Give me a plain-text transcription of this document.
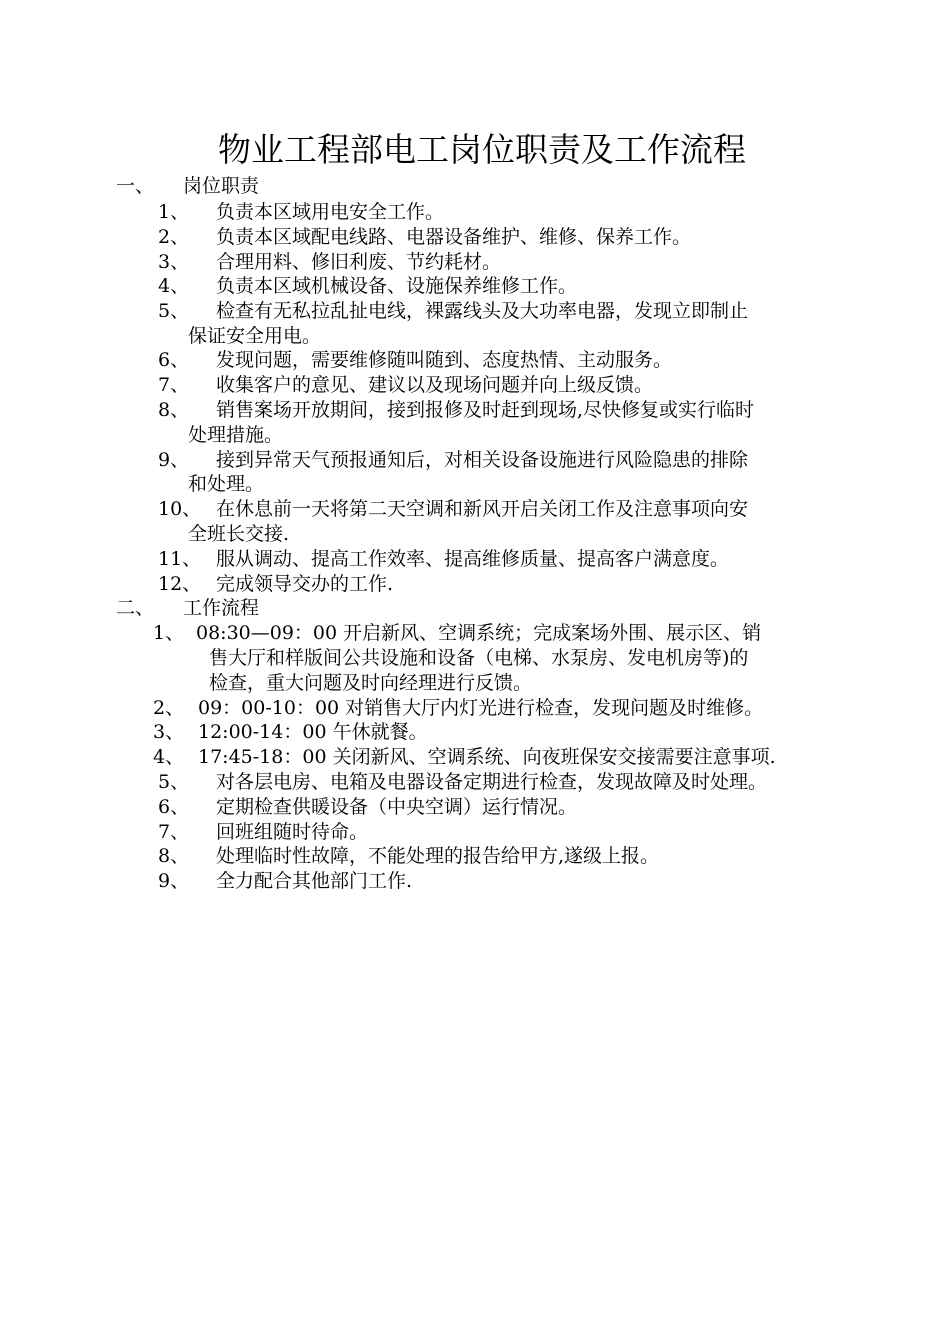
物业工程部电工岗位职责及工作流程
一、 岗位职责
1、 负责本区域用电安全工作。
2、 负责本区域配电线路、电器设备维护、维修、保养工作。
3、 合理用料、修旧利废、节约耗材。
4、 负责本区域机械设备、设施保养维修工作。
5、 检查有无私拉乱扯电线，裸露线头及大功率电器，发现立即制止
保证安全用电。
6、 发现问题，需要维修随叫随到、态度热情、主动服务。
7、 收集客户的意见、建议以及现场问题并向上级反馈。
8、 销售案场开放期间，接到报修及时赶到现场,尽快修复或实行临时
处理措施。
9、 接到异常天气预报通知后，对相关设备设施进行风险隐患的排除
和处理。
10、 在休息前一天将第二天空调和新风开启关闭工作及注意事项向安
全班长交接.
11、 服从调动、提高工作效率、提高维修质量、提高客户满意度。
12、 完成领导交办的工作.
二、 工作流程
1、 08:30—09：00 开启新风、空调系统；完成案场外围、展示区、销
售大厅和样版间公共设施和设备（电梯、水泵房、发电机房等)的
检查，重大问题及时向经理进行反馈。
2、 09：00-10：00 对销售大厅内灯光进行检查，发现问题及时维修。
3、 12:00-14：00 午休就餐。
4、 17:45-18：00 关闭新风、空调系统、向夜班保安交接需要注意事项.
5、 对各层电房、电箱及电器设备定期进行检查，发现故障及时处理。
6、 定期检查供暖设备（中央空调）运行情况。
7、 回班组随时待命。
8、 处理临时性故障，不能处理的报告给甲方,遂级上报。
9、 全力配合其他部门工作.
